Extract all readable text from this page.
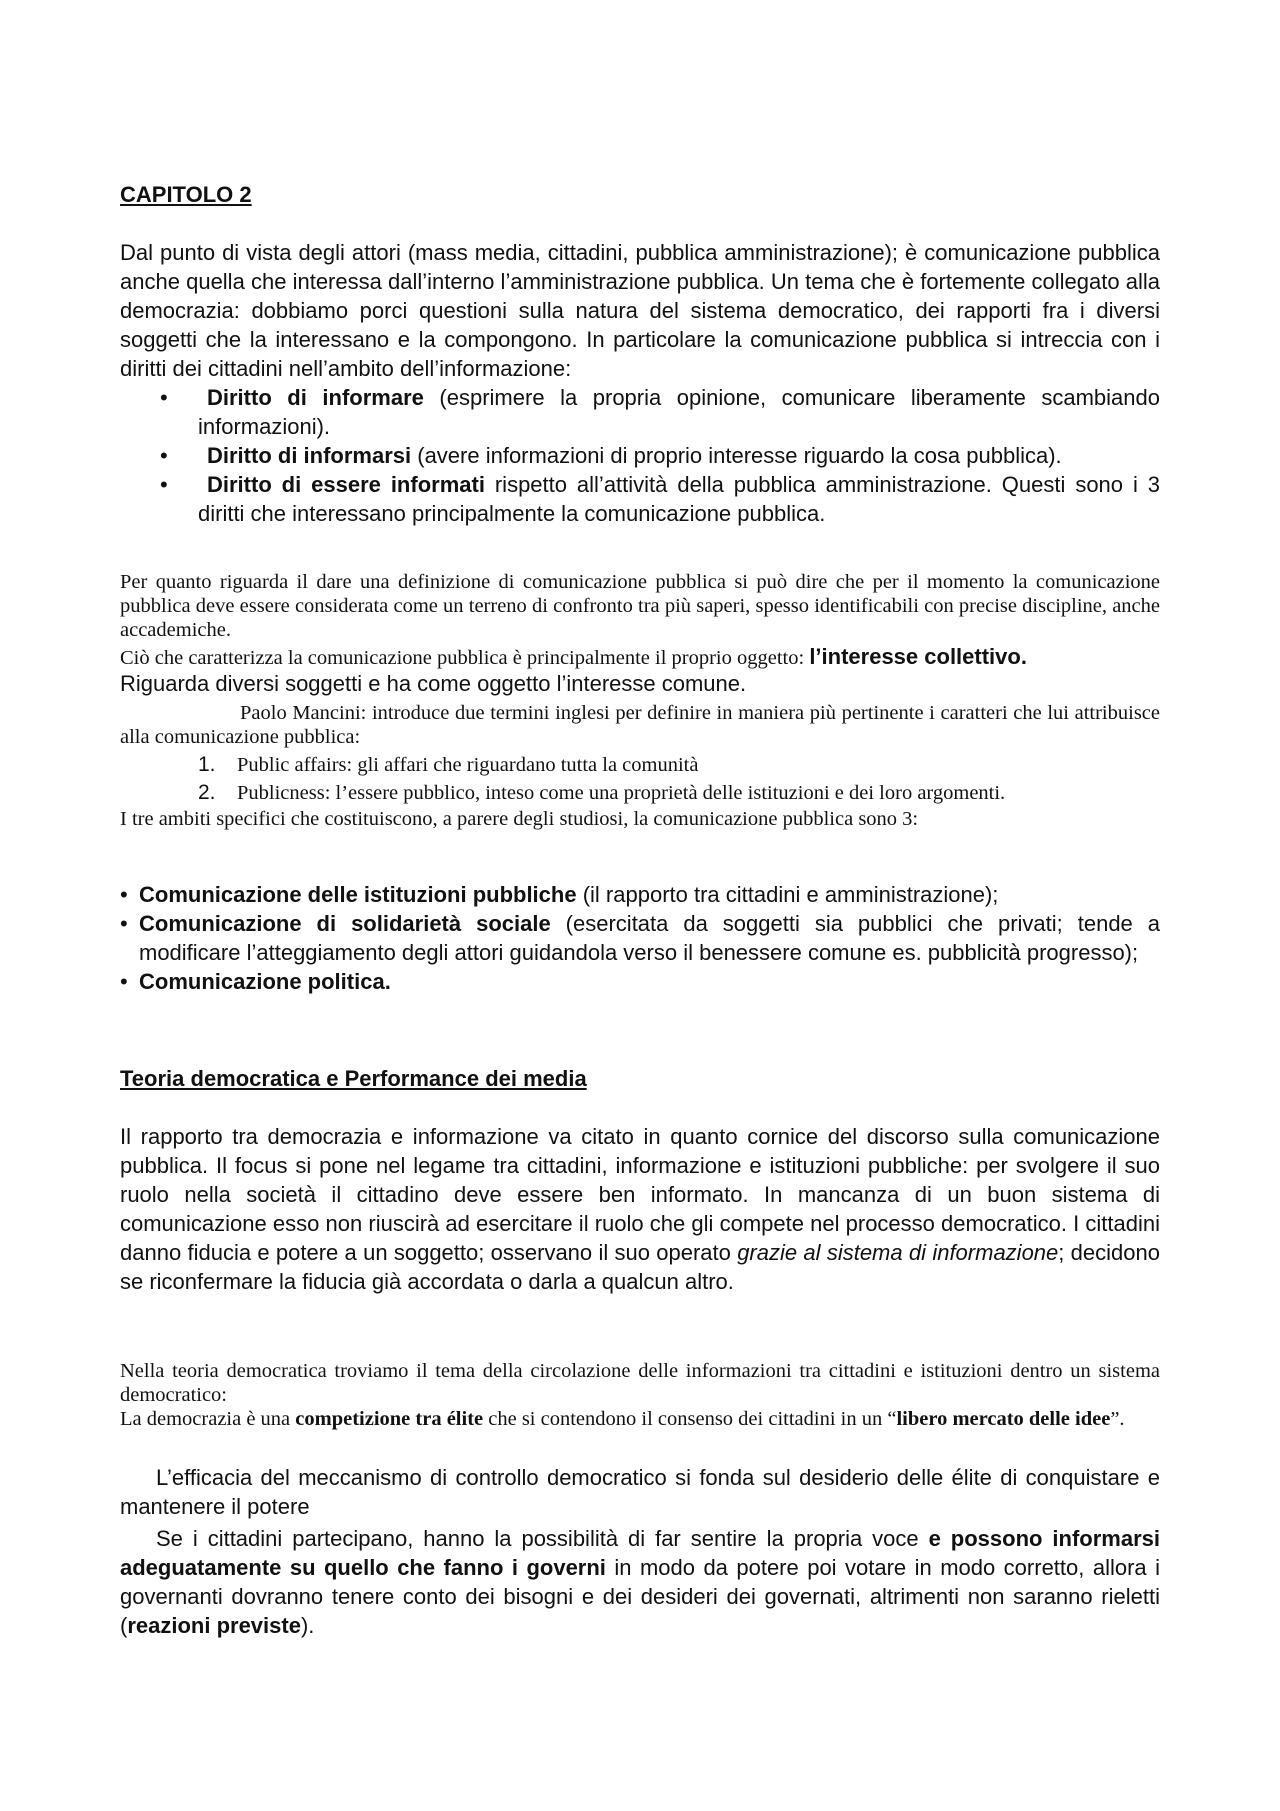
CAPITOLO 2

Dal punto di vista degli attori (mass media, cittadini, pubblica amministrazione); è comunicazione pubblica anche quella che interessa dall’interno l’amministrazione pubblica. Un tema che è fortemente collegato alla democrazia: dobbiamo porci questioni sulla natura del sistema democratico, dei rapporti fra i diversi soggetti che la interessano e la compongono. In particolare la comunicazione pubblica si intreccia con i diritti dei cittadini nell’ambito dell’informazione:

• Diritto di informare (esprimere la propria opinione, comunicare liberamente scambiando informazioni).
• Diritto di informarsi (avere informazioni di proprio interesse riguardo la cosa pubblica).
• Diritto di essere informati rispetto all’attività della pubblica amministrazione. Questi sono i 3 diritti che interessano principalmente la comunicazione pubblica.

Per quanto riguarda il dare una definizione di comunicazione pubblica si può dire che per il momento la comunicazione pubblica deve essere considerata come un terreno di confronto tra più saperi, spesso identificabili con precise discipline, anche accademiche.

Ciò che caratterizza la comunicazione pubblica è principalmente il proprio oggetto: l’interesse collettivo.

Riguarda diversi soggetti e ha come oggetto l’interesse comune.

Paolo Mancini: introduce due termini inglesi per definire in maniera più pertinente i caratteri che lui attribuisce alla comunicazione pubblica:

1. Public affairs: gli affari che riguardano tutta la comunità
2. Publicness: l’essere pubblico, inteso come una proprietà delle istituzioni e dei loro argomenti.

I tre ambiti specifici che costituiscono, a parere degli studiosi, la comunicazione pubblica sono 3:

• Comunicazione delle istituzioni pubbliche (il rapporto tra cittadini e amministrazione);
• Comunicazione di solidarietà sociale (esercitata da soggetti sia pubblici che privati; tende a modificare l’atteggiamento degli attori guidandola verso il benessere comune es. pubblicità progresso);
• Comunicazione politica.
Teoria democratica e Performance dei media

Il rapporto tra democrazia e informazione va citato in quanto cornice del discorso sulla comunicazione pubblica. Il focus si pone nel legame tra cittadini, informazione e istituzioni pubbliche: per svolgere il suo ruolo nella società il cittadino deve essere ben informato. In mancanza di un buon sistema di comunicazione esso non riuscirà ad esercitare il ruolo che gli compete nel processo democratico. I cittadini danno fiducia e potere a un soggetto; osservano il suo operato grazie al sistema di informazione; decidono se riconfermare la fiducia già accordata o darla a qualcun altro.

Nella teoria democratica troviamo il tema della circolazione delle informazioni tra cittadini e istituzioni dentro un sistema democratico:

La democrazia è una competizione tra élite che si contendono il consenso dei cittadini in un “libero mercato delle idee”.

L’efficacia del meccanismo di controllo democratico si fonda sul desiderio delle élite di conquistare e mantenere il potere

Se i cittadini partecipano, hanno la possibilità di far sentire la propria voce e possono informarsi adeguatamente su quello che fanno i governi in modo da potere poi votare in modo corretto, allora i governanti dovranno tenere conto dei bisogni e dei desideri dei governati, altrimenti non saranno rieletti (reazioni previste).
